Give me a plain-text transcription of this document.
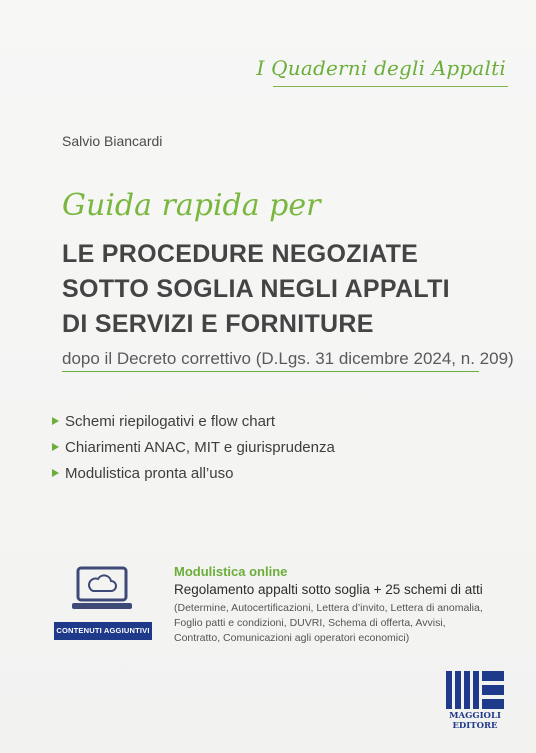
I Quaderni degli Appalti
Salvio Biancardi
Guida rapida per
LE PROCEDURE NEGOZIATE
SOTTO SOGLIA NEGLI APPALTI
DI SERVIZI E FORNITURE
dopo il Decreto correttivo (D.Lgs. 31 dicembre 2024, n. 209)
Schemi riepilogativi e flow chart
Chiarimenti ANAC, MIT e giurisprudenza
Modulistica pronta all’uso
CONTENUTI AGGIUNTIVI
Modulistica online
Regolamento appalti sotto soglia + 25 schemi di atti
(Determine, Autocertificazioni, Lettera d’invito, Lettera di anomalia,
Foglio patti e condizioni, DUVRI, Schema di offerta, Avvisi,
Contratto, Comunicazioni agli operatori economici)
MAGGIOLI
EDITORE
